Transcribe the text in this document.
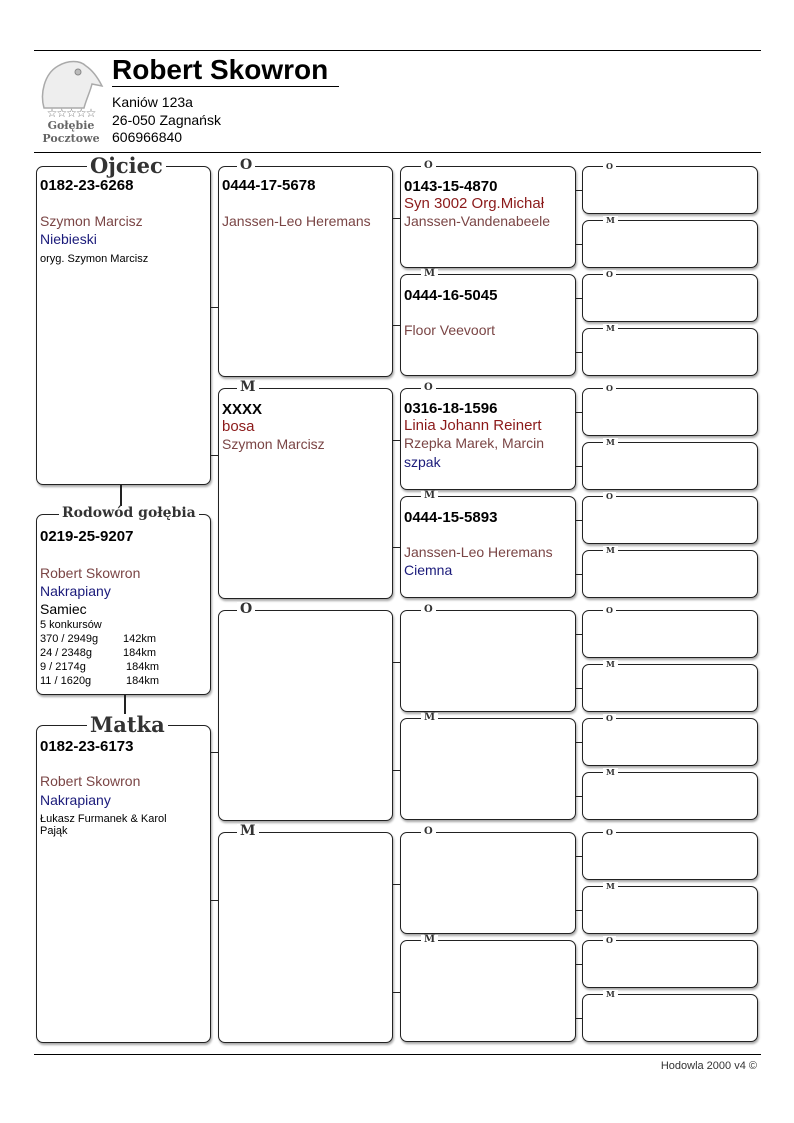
☆☆☆☆☆
Gołębie
Pocztowe
Robert Skowron
Kaniów 123a
26-050 Zagnańsk
606966840
Ojciec
0182-23-6268
Szymon Marcisz
Niebieski
oryg. Szymon Marcisz
Rodowód gołębia
0219-25-9207
Robert Skowron
Nakrapiany
Samiec
5 konkursów
370 / 2949g 142km
24 / 2348g	184km
9 / 2174g	184km
11 / 1620g	184km
Matka
0182-23-6173
Robert Skowron
Nakrapiany
Łukasz Furmanek & Karol Pająk
O
0444-17-5678
Janssen-Leo Heremans
M
XXXX
bosa
Szymon Marcisz
O
M
O
0143-15-4870
Syn 3002 Org.Michał
Janssen-Vandenabeele
M
0444-16-5045
Floor Veevoort
O
0316-18-1596
Linia Johann Reinert
Rzepka Marek, Marcin
szpak
M
0444-15-5893
Janssen-Leo Heremans
Ciemna
O
M
O
M
O
M
O
M
O
M
O
M
O
M
O
M
O
M
O
M
Hodowla 2000 v4 ©
